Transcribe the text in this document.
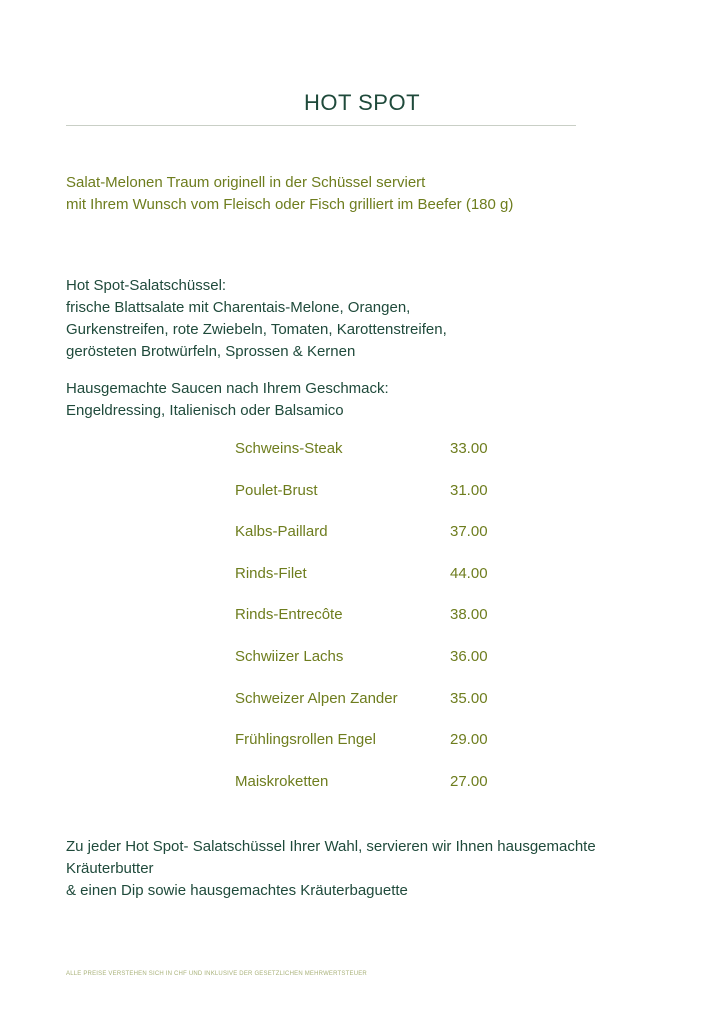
HOT SPOT
Salat-Melonen Traum originell in der Schüssel serviert
mit Ihrem Wunsch vom Fleisch oder Fisch grilliert im Beefer (180 g)
Hot Spot-Salatschüssel:
frische Blattsalate mit Charentais-Melone, Orangen,
Gurkenstreifen, rote Zwiebeln, Tomaten, Karottenstreifen,
gerösteten Brotwürfeln, Sprossen & Kernen
Hausgemachte Saucen nach Ihrem Geschmack:
Engeldressing, Italienisch oder Balsamico
Schweins-Steak	33.00
Poulet-Brust	31.00
Kalbs-Paillard	37.00
Rinds-Filet	44.00
Rinds-Entrecôte	38.00
Schwiizer Lachs	36.00
Schweizer Alpen Zander	35.00
Frühlingsrollen Engel	29.00
Maiskroketten	27.00
Zu jeder Hot Spot- Salatschüssel Ihrer Wahl, servieren wir Ihnen hausgemachte
Kräuterbutter
& einen Dip sowie hausgemachtes Kräuterbaguette
ALLE PREISE VERSTEHEN SICH IN CHF UND INKLUSIVE DER GESETZLICHEN MEHRWERTSTEUER
